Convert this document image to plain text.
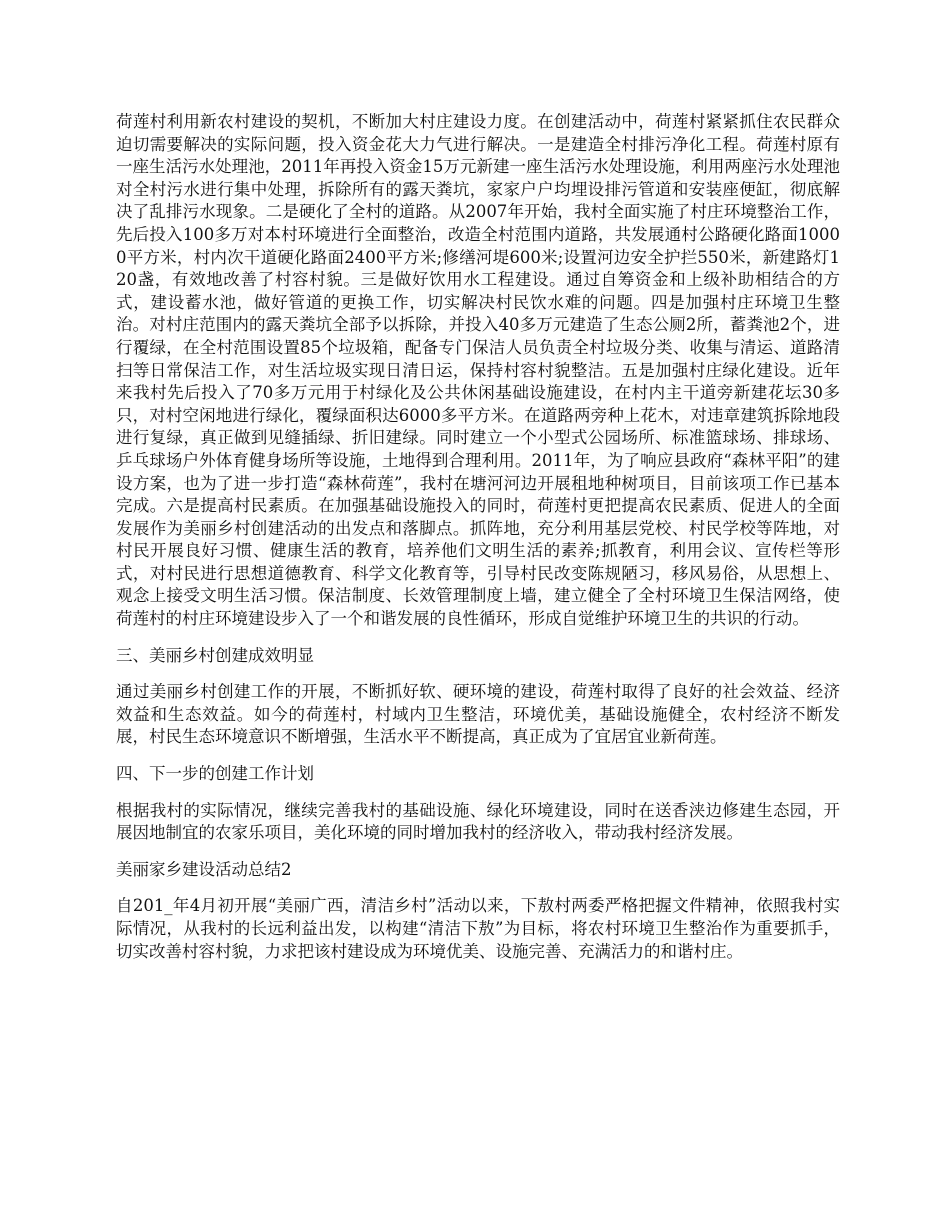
荷莲村利用新农村建设的契机，不断加大村庄建设力度。在创建活动中，荷莲村紧紧抓住农民群众迫切需要解决的实际问题，投入资金花大力气进行解决。一是建造全村排污净化工程。荷莲村原有一座生活污水处理池，2011年再投入资金15万元新建一座生活污水处理设施，利用两座污水处理池对全村污水进行集中处理，拆除所有的露天粪坑，家家户户均埋设排污管道和安装座便缸，彻底解决了乱排污水现象。二是硬化了全村的道路。从2007年开始，我村全面实施了村庄环境整治工作，先后投入100多万对本村环境进行全面整治，改造全村范围内道路，共发展通村公路硬化路面10000平方米，村内次干道硬化路面2400平方米;修缮河堤600米;设置河边安全护拦550米，新建路灯120盏，有效地改善了村容村貌。三是做好饮用水工程建设。通过自筹资金和上级补助相结合的方式，建设蓄水池，做好管道的更换工作，切实解决村民饮水难的问题。四是加强村庄环境卫生整治。对村庄范围内的露天粪坑全部予以拆除，并投入40多万元建造了生态公厕2所，蓄粪池2个，进行覆绿，在全村范围设置85个垃圾箱，配备专门保洁人员负责全村垃圾分类、收集与清运、道路清扫等日常保洁工作，对生活垃圾实现日清日运，保持村容村貌整洁。五是加强村庄绿化建设。近年来我村先后投入了70多万元用于村绿化及公共休闲基础设施建设，在村内主干道旁新建花坛30多只，对村空闲地进行绿化，覆绿面积达6000多平方米。在道路两旁种上花木，对违章建筑拆除地段进行复绿，真正做到见缝插绿、折旧建绿。同时建立一个小型式公园场所、标准篮球场、排球场、乒乓球场户外体育健身场所等设施，土地得到合理利用。2011年，为了响应县政府“森林平阳”的建设方案，也为了进一步打造“森林荷莲”，我村在塘河河边开展租地种树项目，目前该项工作已基本完成。六是提高村民素质。在加强基础设施投入的同时，荷莲村更把提高农民素质、促进人的全面发展作为美丽乡村创建活动的出发点和落脚点。抓阵地，充分利用基层党校、村民学校等阵地，对村民开展良好习惯、健康生活的教育，培养他们文明生活的素养;抓教育，利用会议、宣传栏等形式，对村民进行思想道德教育、科学文化教育等，引导村民改变陈规陋习，移风易俗，从思想上、观念上接受文明生活习惯。保洁制度、长效管理制度上墙，建立健全了全村环境卫生保洁网络，使荷莲村的村庄环境建设步入了一个和谐发展的良性循环，形成自觉维护环境卫生的共识的行动。

三、美丽乡村创建成效明显

通过美丽乡村创建工作的开展，不断抓好软、硬环境的建设，荷莲村取得了良好的社会效益、经济效益和生态效益。如今的荷莲村，村域内卫生整洁，环境优美，基础设施健全，农村经济不断发展，村民生态环境意识不断增强，生活水平不断提高，真正成为了宜居宜业新荷莲。

四、下一步的创建工作计划

根据我村的实际情况，继续完善我村的基础设施、绿化环境建设，同时在送香浃边修建生态园，开展因地制宜的农家乐项目，美化环境的同时增加我村的经济收入，带动我村经济发展。

美丽家乡建设活动总结2

自201_年4月初开展“美丽广西，清洁乡村”活动以来，下敖村两委严格把握文件精神，依照我村实际情况，从我村的长远利益出发，以构建“清洁下敖”为目标，将农村环境卫生整治作为重要抓手，切实改善村容村貌，力求把该村建设成为环境优美、设施完善、充满活力的和谐村庄。
